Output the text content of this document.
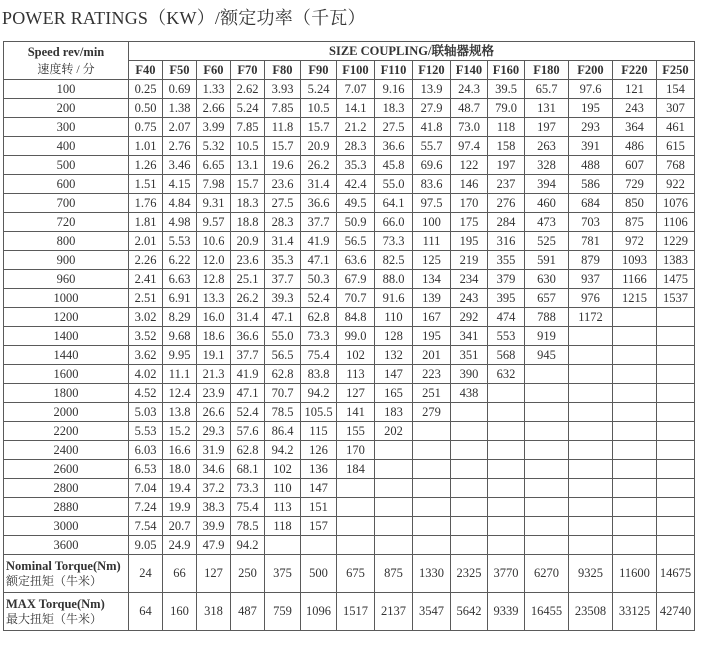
POWER RATINGS（KW）/额定功率（千瓦）
Speed rev/min
速度转 / 分	SIZE COUPLING/联轴器规格														
	F40	F50	F60	F70	F80	F90	F100	F110	F120	F140	F160	F180	F200	F220	F250
100	0.25	0.69	1.33	2.62	3.93	5.24	7.07	9.16	13.9	24.3	39.5	65.7	97.6	121	154
200	0.50	1.38	2.66	5.24	7.85	10.5	14.1	18.3	27.9	48.7	79.0	131	195	243	307
300	0.75	2.07	3.99	7.85	11.8	15.7	21.2	27.5	41.8	73.0	118	197	293	364	461
400	1.01	2.76	5.32	10.5	15.7	20.9	28.3	36.6	55.7	97.4	158	263	391	486	615
500	1.26	3.46	6.65	13.1	19.6	26.2	35.3	45.8	69.6	122	197	328	488	607	768
600	1.51	4.15	7.98	15.7	23.6	31.4	42.4	55.0	83.6	146	237	394	586	729	922
700	1.76	4.84	9.31	18.3	27.5	36.6	49.5	64.1	97.5	170	276	460	684	850	1076
720	1.81	4.98	9.57	18.8	28.3	37.7	50.9	66.0	100	175	284	473	703	875	1106
800	2.01	5.53	10.6	20.9	31.4	41.9	56.5	73.3	111	195	316	525	781	972	1229
900	2.26	6.22	12.0	23.6	35.3	47.1	63.6	82.5	125	219	355	591	879	1093	1383
960	2.41	6.63	12.8	25.1	37.7	50.3	67.9	88.0	134	234	379	630	937	1166	1475
1000	2.51	6.91	13.3	26.2	39.3	52.4	70.7	91.6	139	243	395	657	976	1215	1537
1200	3.02	8.29	16.0	31.4	47.1	62.8	84.8	110	167	292	474	788	1172		
1400	3.52	9.68	18.6	36.6	55.0	73.3	99.0	128	195	341	553	919			
1440	3.62	9.95	19.1	37.7	56.5	75.4	102	132	201	351	568	945			
1600	4.02	11.1	21.3	41.9	62.8	83.8	113	147	223	390	632				
1800	4.52	12.4	23.9	47.1	70.7	94.2	127	165	251	438					
2000	5.03	13.8	26.6	52.4	78.5	105.5	141	183	279						
2200	5.53	15.2	29.3	57.6	86.4	115	155	202							
2400	6.03	16.6	31.9	62.8	94.2	126	170								
2600	6.53	18.0	34.6	68.1	102	136	184								
2800	7.04	19.4	37.2	73.3	110	147									
2880	7.24	19.9	38.3	75.4	113	151									
3000	7.54	20.7	39.9	78.5	118	157									
3600	9.05	24.9	47.9	94.2											

Nominal Torque(Nm)
额定扭矩（牛米）	24	66	127	250	375	500	675	875	1330	2325	3770	6270	9325	11600	14675

MAX Torque(Nm)
最大扭矩（牛米）	64	160	318	487	759	1096	1517	2137	3547	5642	9339	16455	23508	33125	42740
